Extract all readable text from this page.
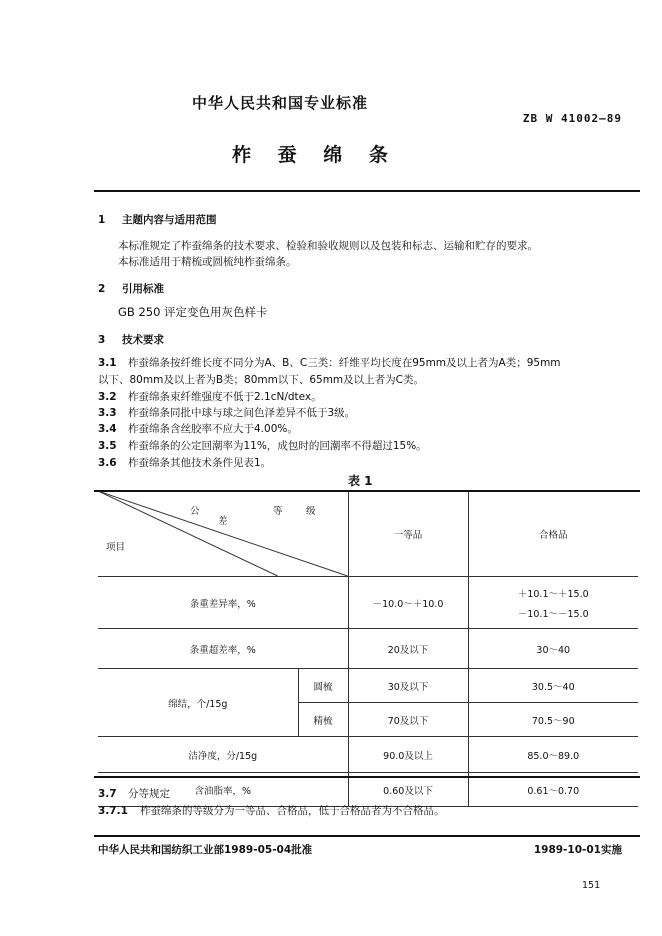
中华人民共和国专业标准
ZB W 41002—89
柞 蚕 绵 条
1 主题内容与适用范围
本标准规定了柞蚕绵条的技术要求、检验和验收规则以及包装和标志、运输和贮存的要求。
本标准适用于精梳或圆梳纯柞蚕绵条。
2 引用标准
GB 250 评定变色用灰色样卡
3 技术要求
3.1 柞蚕绵条按纤维长度不同分为A、B、C三类：纤维平均长度在95mm及以上者为A类；95mm
以下、80mm及以上者为B类；80mm以下、65mm及以上者为C类。
3.2 柞蚕绵条束纤维强度不低于2.1cN/dtex。
3.3 柞蚕绵条同批中球与球之间色泽差异不低于3级。
3.4 柞蚕绵条含丝胶率不应大于4.00%。
3.5 柞蚕绵条的公定回潮率为11%，成包时的回潮率不得超过15%。
3.6 柞蚕绵条其他技术条件见表1。
表 1
公
差
等 级
项目		一等品	合格品
条重差异率，%		－10.0～＋10.0	＋10.1～＋15.0
－10.1～－15.0

条重超差率，%		20及以下	30～40
绵结，个/15g	圆梳	30及以下	30.5～40
	精梳	70及以下	70.5～90
洁净度，分/15g		90.0及以上	85.0～89.0
含油脂率，%		0.60及以下	0.61～0.70
3.7 分等规定
3.7.1 柞蚕绵条的等级分为一等品、合格品，低于合格品者为不合格品。
中华人民共和国纺织工业部1989-05-04批准	1989-10-01实施
151
